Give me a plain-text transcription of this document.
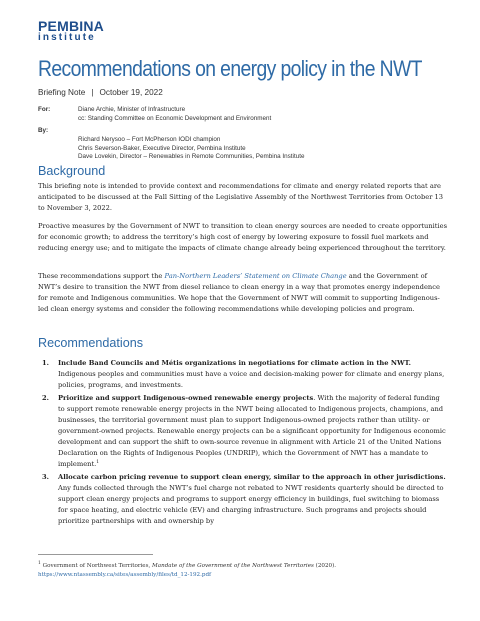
PEMBINA
institute
Recommendations on energy policy in the NWT
Briefing Note | October 19, 2022
For:	Diane Archie, Minister of Infrastructure
cc: Standing Committee on Economic Development and Environment
By:
Richard Nerysoo – Fort McPherson IODI champion
Chris Severson-Baker, Executive Director, Pembina Institute
Dave Lovekin, Director – Renewables in Remote Communities, Pembina Institute
Background

This briefing note is intended to provide context and recommendations for climate and energy related reports that are anticipated to be discussed at the Fall Sitting of the Legislative Assembly of the Northwest Territories from October 13 to November 3, 2022.

Proactive measures by the Government of NWT to transition to clean energy sources are needed to create opportunities for economic growth; to address the territory’s high cost of energy by lowering exposure to fossil fuel markets and reducing energy use; and to mitigate the impacts of climate change already being experienced throughout the territory.

These recommendations support the Pan-Northern Leaders’ Statement on Climate Change and the Government of NWT’s desire to transition the NWT from diesel reliance to clean energy in a way that promotes energy independence for remote and Indigenous communities. We hope that the Government of NWT will commit to supporting Indigenous-led clean energy systems and consider the following recommendations while developing policies and program.

Recommendations
1. Include Band Councils and Métis organizations in negotiations for climate action in the NWT. Indigenous peoples and communities must have a voice and decision-making power for climate and energy plans, policies, programs, and investments.
2. Prioritize and support Indigenous-owned renewable energy projects. With the majority of federal funding to support remote renewable energy projects in the NWT being allocated to Indigenous projects, champions, and businesses, the territorial government must plan to support Indigenous-owned projects rather than utility- or government-owned projects. Renewable energy projects can be a significant opportunity for Indigenous economic development and can support the shift to own-source revenue in alignment with Article 21 of the United Nations Declaration on the Rights of Indigenous Peoples (UNDRIP), which the Government of NWT has a mandate to implement.$^1$
3. Allocate carbon pricing revenue to support clean energy, similar to the approach in other jurisdictions. Any funds collected through the NWT’s fuel charge not rebated to NWT residents quarterly should be directed to support clean energy projects and programs to support energy efficiency in buildings, fuel switching to biomass for space heating, and electric vehicle (EV) and charging infrastructure. Such programs and projects should prioritize partnerships with and ownership by
$^1$ Government of Northwest Territories, Mandate of the Government of the Northwest Territories (2020).
https://www.ntassembly.ca/sites/assembly/files/td_12-192.pdf
